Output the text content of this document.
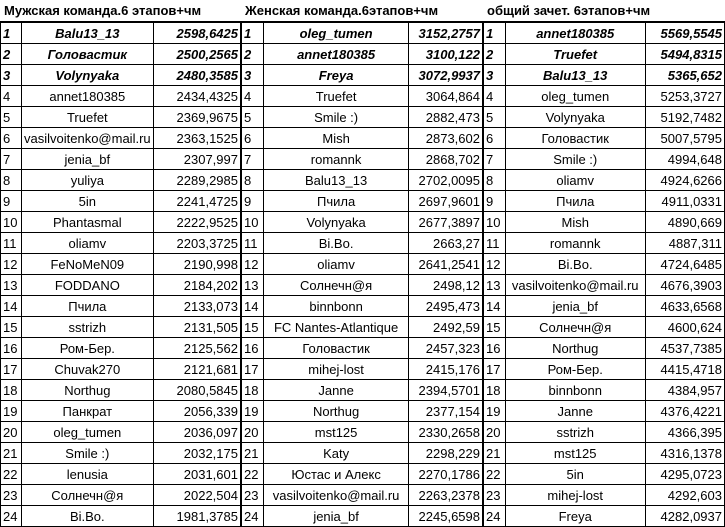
Мужская команда.6 этапов+чм
1	Balu13_13	2598,6425
2	Головастик	2500,2565
3	Volynyaka	2480,3585
4	annet180385	2434,4325
5	Truefet	2369,9675
6	vasilvoitenko@mail.ru	2363,1525
7	jenia_bf	2307,997
8	yuliya	2289,2985
9	5in	2241,4725
10	Phantasmal	2222,9525
11	oliamv	2203,3725
12	FeNoMeN09	2190,998
13	FODDANO	2184,202
14	Пчила	2133,073
15	sstrizh	2131,505
16	Ром-Бер.	2125,562
17	Chuvak270	2121,681
18	Northug	2080,5845
19	Панкрат	2056,339
20	oleg_tumen	2036,097
21	Smile :)	2032,175
22	lenusia	2031,601
23	Солнечн@я	2022,504
24	Bi.Bo.	1981,3785
Женская команда.6этапов+чм
1	oleg_tumen	3152,2757
2	annet180385	3100,122
3	Freya	3072,9937
4	Truefet	3064,864
5	Smile :)	2882,473
6	Mish	2873,602
7	romannk	2868,702
8	Balu13_13	2702,0095
9	Пчила	2697,9601
10	Volynyaka	2677,3897
11	Bi.Bo.	2663,27
12	oliamv	2641,2541
13	Солнечн@я	2498,12
14	binnbonn	2495,473
15	FC Nantes-Atlantique	2492,59
16	Головастик	2457,323
17	mihej-lost	2415,176
18	Janne	2394,5701
19	Northug	2377,154
20	mst125	2330,2658
21	Katy	2298,229
22	Юстас и Алекс	2270,1786
23	vasilvoitenko@mail.ru	2263,2378
24	jenia_bf	2245,6598
общий зачет. 6этапов+чм
1	annet180385	5569,5545
2	Truefet	5494,8315
3	Balu13_13	5365,652
4	oleg_tumen	5253,3727
5	Volynyaka	5192,7482
6	Головастик	5007,5795
7	Smile :)	4994,648
8	oliamv	4924,6266
9	Пчила	4911,0331
10	Mish	4890,669
11	romannk	4887,311
12	Bi.Bo.	4724,6485
13	vasilvoitenko@mail.ru	4676,3903
14	jenia_bf	4633,6568
15	Солнечн@я	4600,624
16	Northug	4537,7385
17	Ром-Бер.	4415,4718
18	binnbonn	4384,957
19	Janne	4376,4221
20	sstrizh	4366,395
21	mst125	4316,1378
22	5in	4295,0723
23	mihej-lost	4292,603
24	Freya	4282,0937
